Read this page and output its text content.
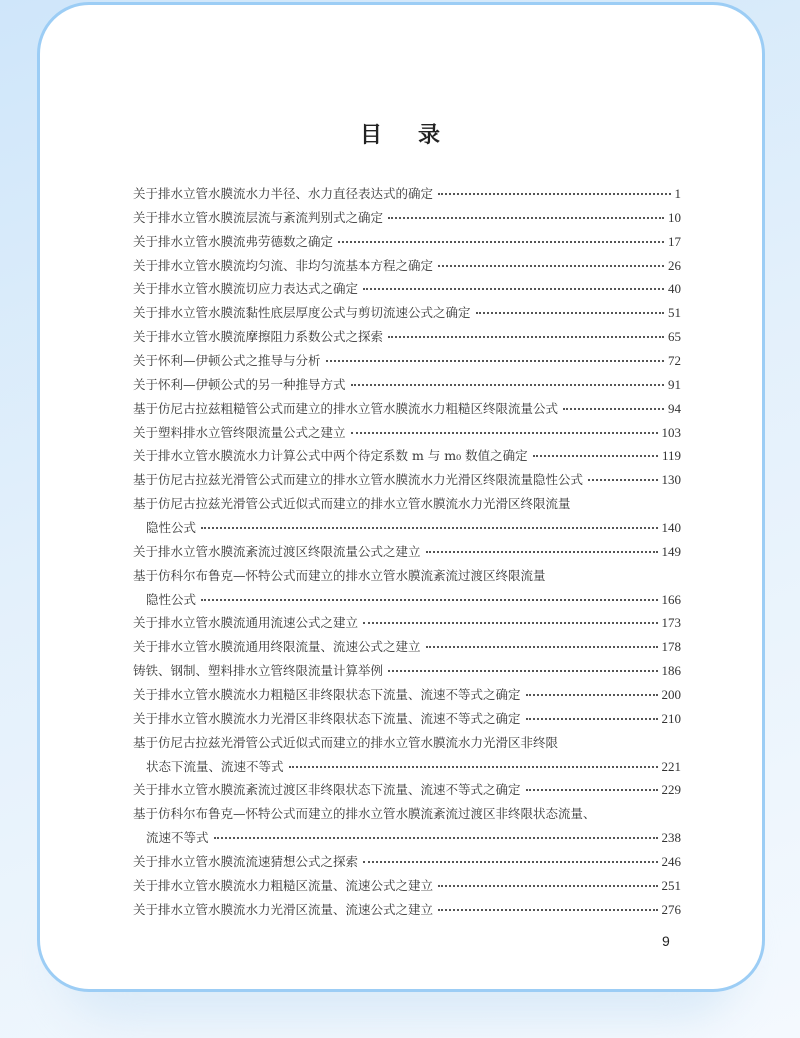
目 录
关于排水立管水膜流水力半径、水力直径表达式的确定	1
关于排水立管水膜流层流与紊流判别式之确定	10
关于排水立管水膜流弗劳德数之确定	17
关于排水立管水膜流均匀流、非均匀流基本方程之确定	26
关于排水立管水膜流切应力表达式之确定	40
关于排水立管水膜流黏性底层厚度公式与剪切流速公式之确定	51
关于排水立管水膜流摩擦阻力系数公式之探索	65
关于怀利—伊顿公式之推导与分析	72
关于怀利—伊顿公式的另一种推导方式	91
基于仿尼古拉兹粗糙管公式而建立的排水立管水膜流水力粗糙区终限流量公式	94
关于塑料排水立管终限流量公式之建立	103
关于排水立管水膜流水力计算公式中两个待定系数 m 与 m₀ 数值之确定	119
基于仿尼古拉兹光滑管公式而建立的排水立管水膜流水力光滑区终限流量隐性公式	130
基于仿尼古拉兹光滑管公式近似式而建立的排水立管水膜流水力光滑区终限流量
隐性公式	140
关于排水立管水膜流紊流过渡区终限流量公式之建立	149
基于仿科尔布鲁克—怀特公式而建立的排水立管水膜流紊流过渡区终限流量
隐性公式	166
关于排水立管水膜流通用流速公式之建立	173
关于排水立管水膜流通用终限流量、流速公式之建立	178
铸铁、钢制、塑料排水立管终限流量计算举例	186
关于排水立管水膜流水力粗糙区非终限状态下流量、流速不等式之确定	200
关于排水立管水膜流水力光滑区非终限状态下流量、流速不等式之确定	210
基于仿尼古拉兹光滑管公式近似式而建立的排水立管水膜流水力光滑区非终限
状态下流量、流速不等式	221
关于排水立管水膜流紊流过渡区非终限状态下流量、流速不等式之确定	229
基于仿科尔布鲁克—怀特公式而建立的排水立管水膜流紊流过渡区非终限状态流量、
流速不等式	238
关于排水立管水膜流流速猜想公式之探索	246
关于排水立管水膜流水力粗糙区流量、流速公式之建立	251
关于排水立管水膜流水力光滑区流量、流速公式之建立	276
9
